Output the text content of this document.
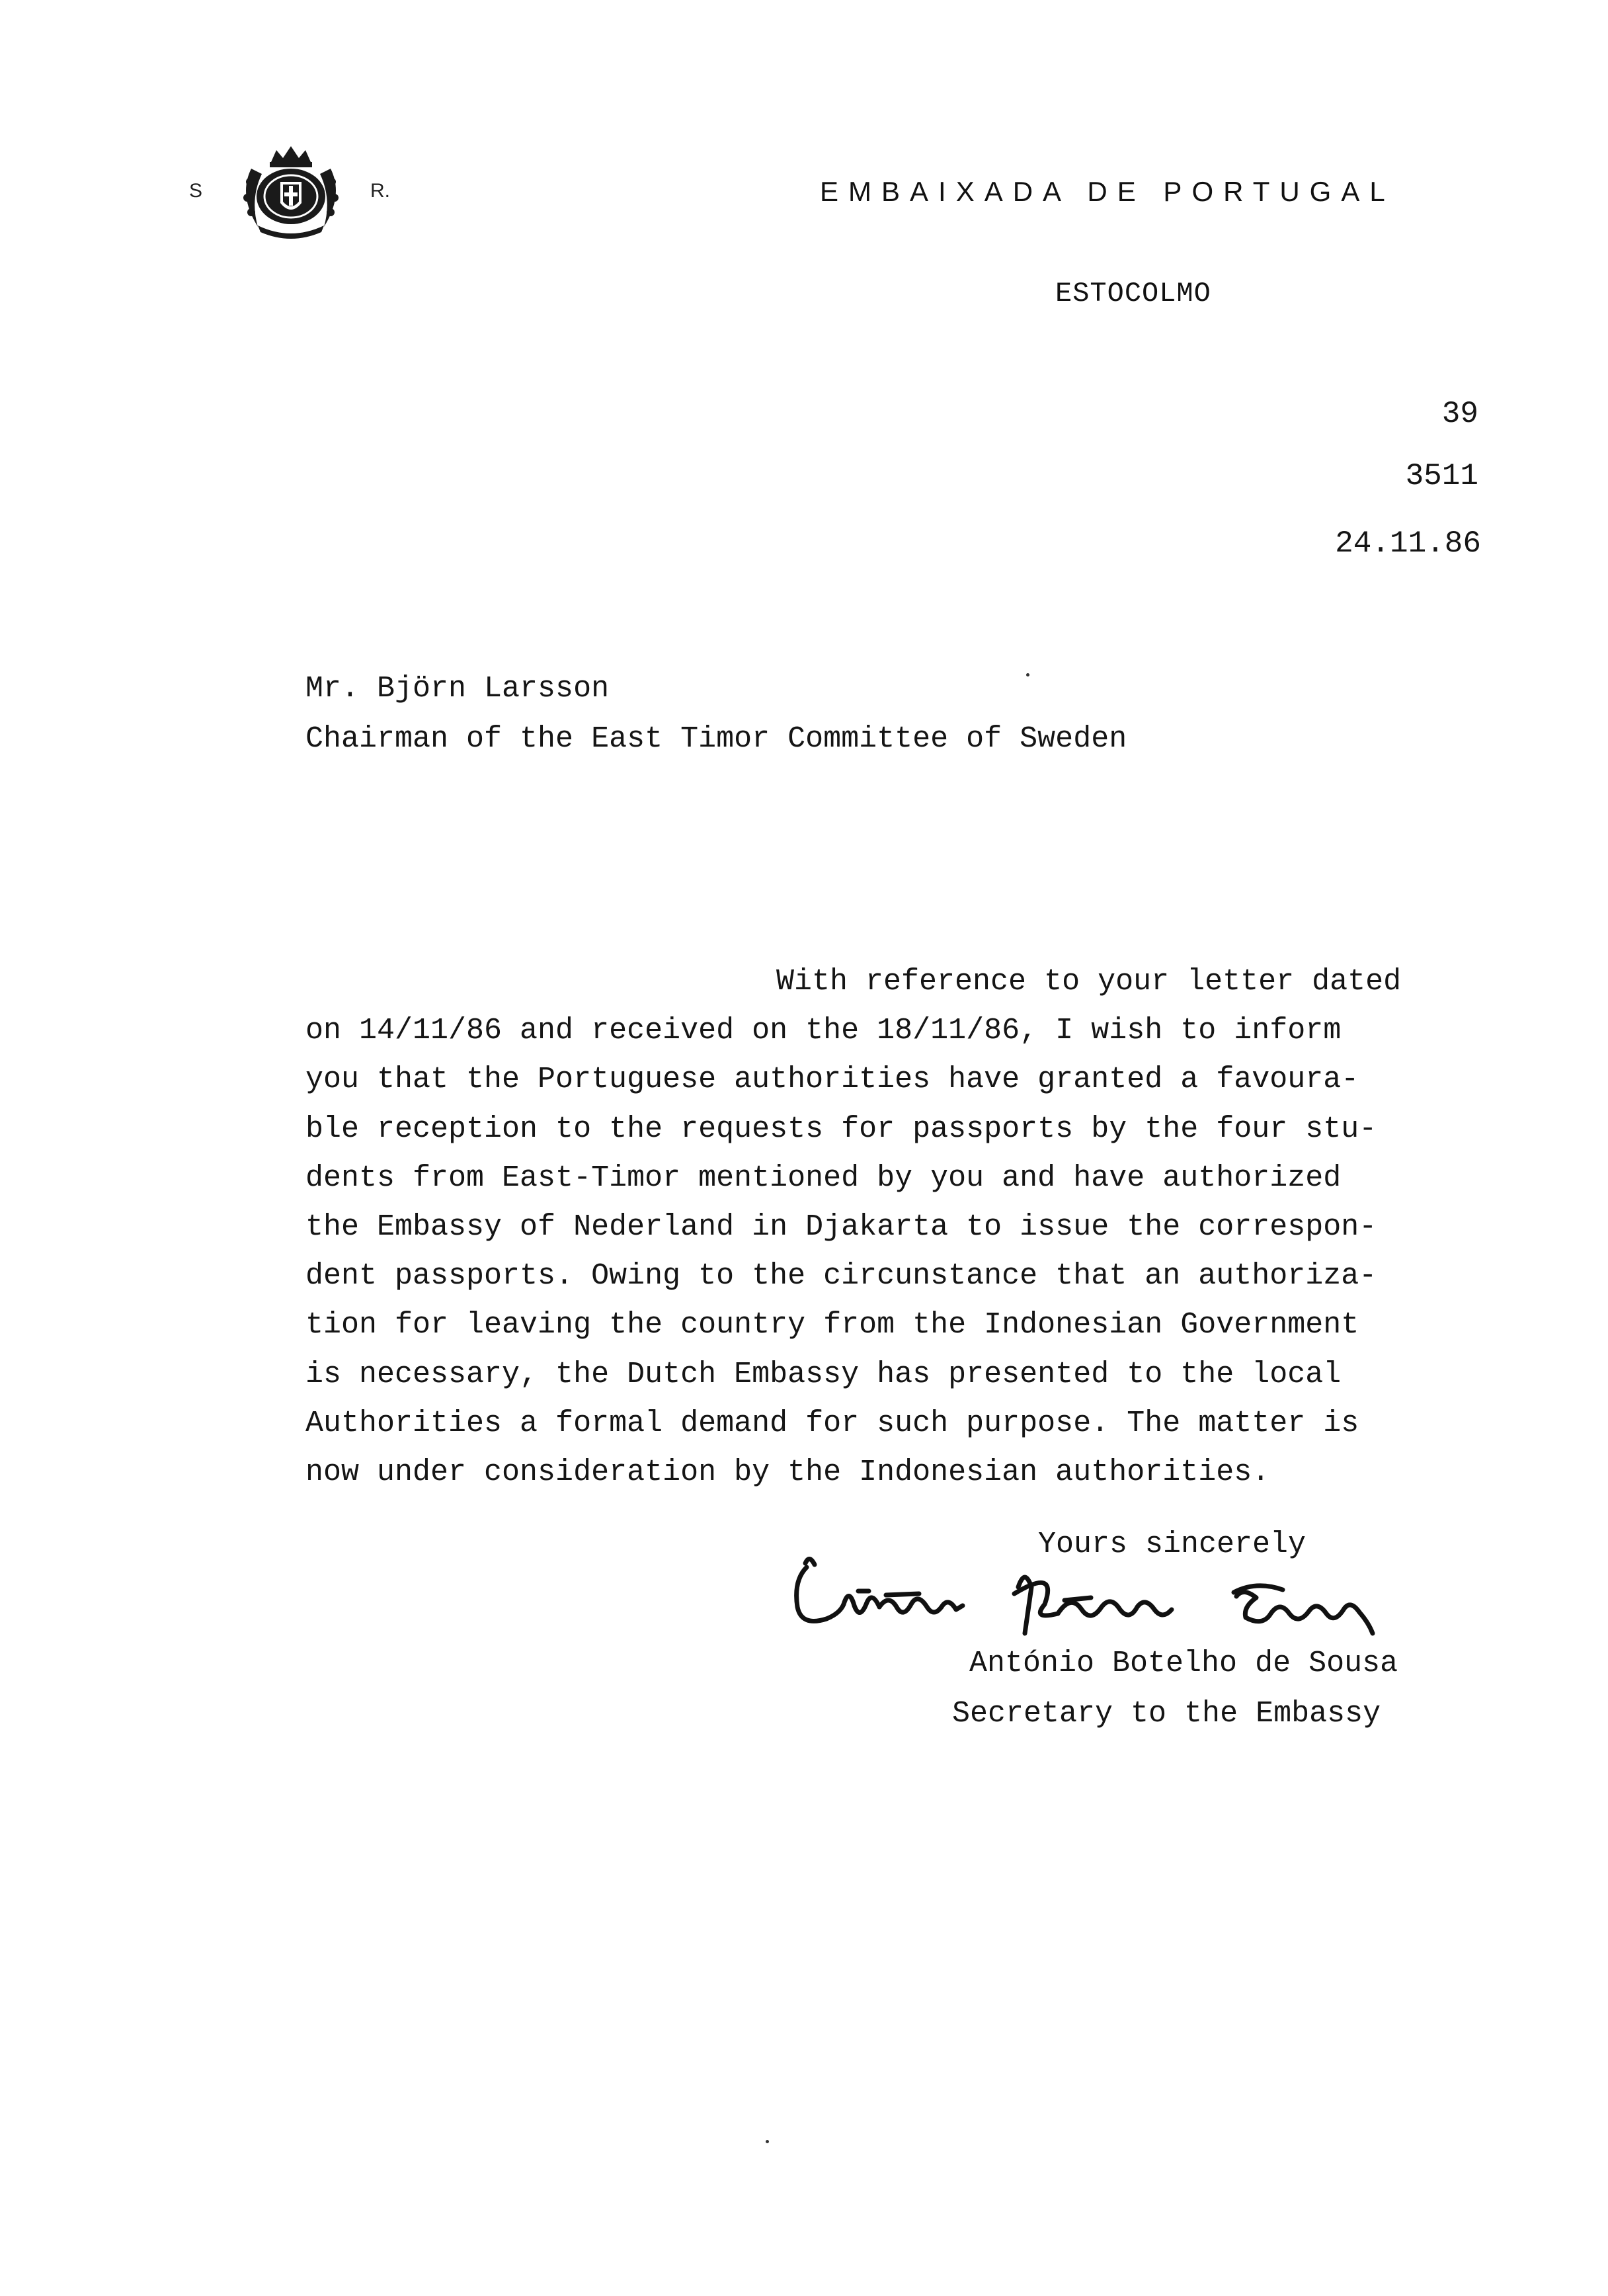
S	R.	EMBAIXADA DE PORTUGAL
ESTOCOLMO
39
3511
24.11.86
Mr. Björn Larsson
Chairman of the East Timor Committee of Sweden
With reference to your letter dated
on 14/11/86 and received on the 18/11/86, I wish to inform
you that the Portuguese authorities have granted a favoura-
ble reception to the requests for passports by the four stu-
dents from East-Timor mentioned by you and have authorized
the Embassy of Nederland in Djakarta to issue the correspon-
dent passports. Owing to the circunstance that an authoriza-
tion for leaving the country from the Indonesian Government
is necessary, the Dutch Embassy has presented to the local
Authorities a formal demand for such purpose. The matter is
now under consideration by the Indonesian authorities.
Yours sincerely
António Botelho de Sousa
Secretary to the Embassy
